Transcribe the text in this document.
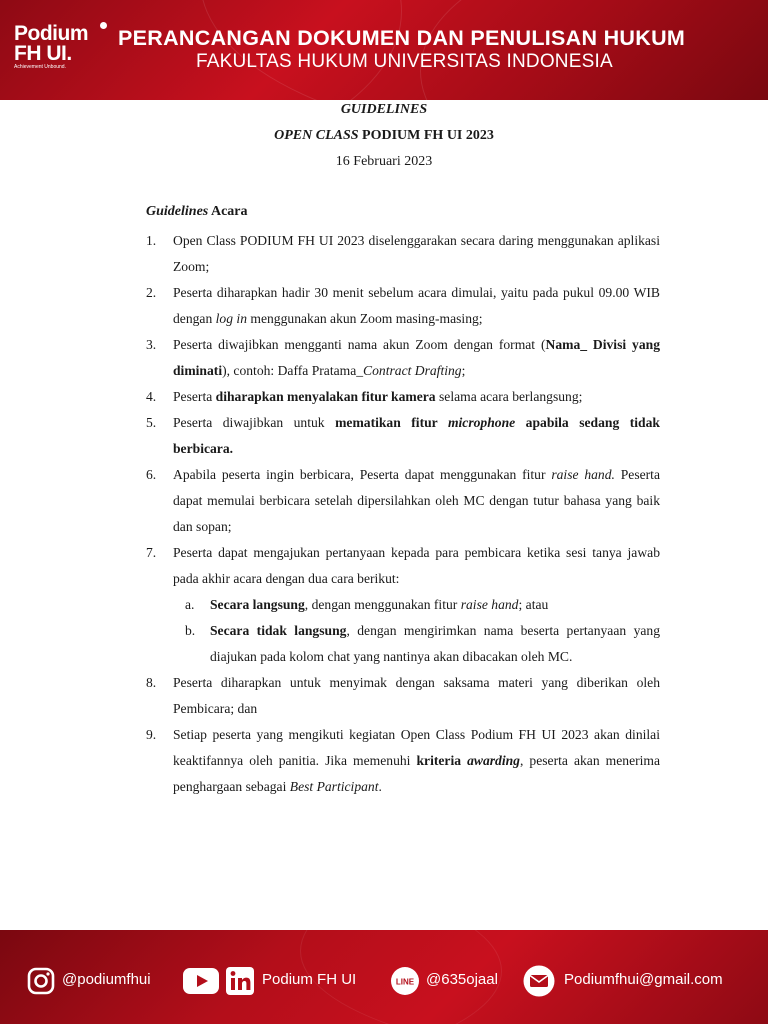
Podium
FH UI.
Achievement Unbound.
PERANCANGAN DOKUMEN DAN PENULISAN HUKUM
FAKULTAS HUKUM UNIVERSITAS INDONESIA
GUIDELINES
OPEN CLASS PODIUM FH UI 2023
16 Februari 2023
Guidelines Acara
1.	Open Class PODIUM FH UI 2023 diselenggarakan secara daring menggunakan aplikasi Zoom;
2.	Peserta diharapkan hadir 30 menit sebelum acara dimulai, yaitu pada pukul 09.00 WIB dengan log in menggunakan akun Zoom masing-masing;
3.	Peserta diwajibkan mengganti nama akun Zoom dengan format (Nama_ Divisi yang diminati), contoh: Daffa Pratama_Contract Drafting;
4.	Peserta diharapkan menyalakan fitur kamera selama acara berlangsung;
5.	Peserta diwajibkan untuk mematikan fitur microphone apabila sedang tidak berbicara.
6.	Apabila peserta ingin berbicara, Peserta dapat menggunakan fitur raise hand. Peserta dapat memulai berbicara setelah dipersilahkan oleh MC dengan tutur bahasa yang baik dan sopan;
7.	Peserta dapat mengajukan pertanyaan kepada para pembicara ketika sesi tanya jawab pada akhir acara dengan dua cara berikut:
a.	Secara langsung, dengan menggunakan fitur raise hand; atau
b.	Secara tidak langsung, dengan mengirimkan nama beserta pertanyaan yang diajukan pada kolom chat yang nantinya akan dibacakan oleh MC.
8.	Peserta diharapkan untuk menyimak dengan saksama materi yang diberikan oleh Pembicara; dan
9.	Setiap peserta yang mengikuti kegiatan Open Class Podium FH UI 2023 akan dinilai keaktifannya oleh panitia. Jika memenuhi kriteria awarding, peserta akan menerima penghargaan sebagai Best Participant.
@podiumfhui	Podium FH UI	LINE @635ojaal	Podiumfhui@gmail.com
